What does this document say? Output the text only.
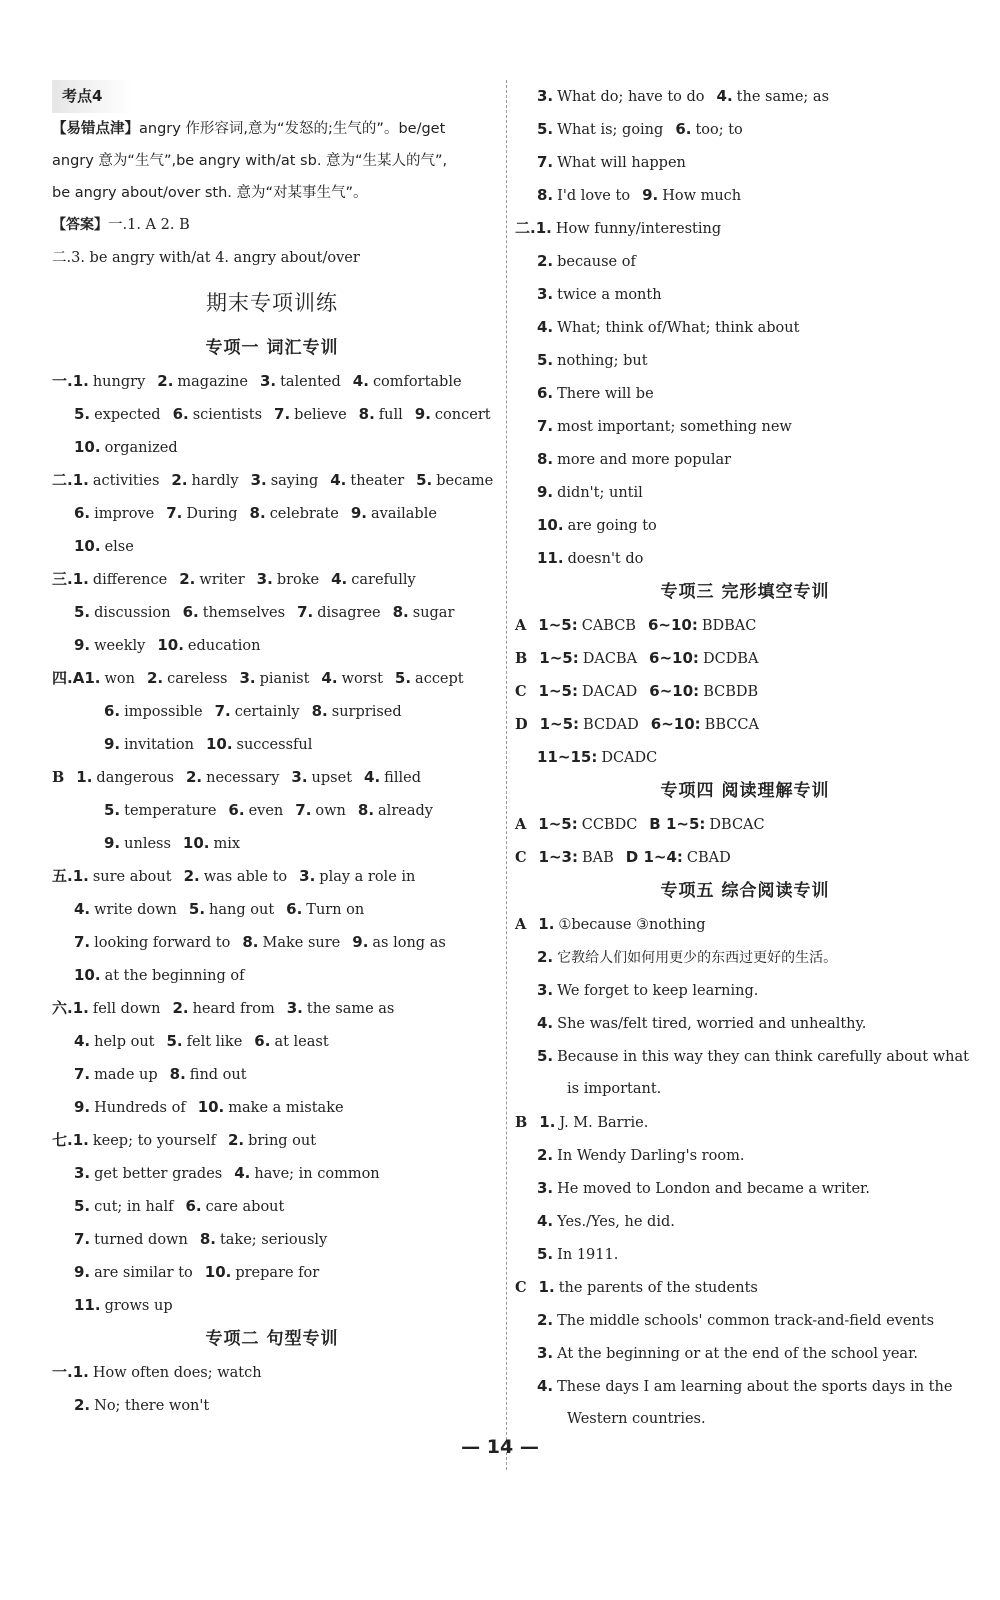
考点4
【易错点津】angry 作形容词,意为“发怒的;生气的”。be/get
angry 意为“生气”,be angry with/at sb. 意为“生某人的气”,
be angry about/over sth. 意为“对某事生气”。
【答案】一.1. A 2. B
二.3. be angry with/at 4. angry about/over
期末专项训练
专项一 词汇专训
一.1. hungry 2. magazine 3. talented 4. comfortable
5. expected 6. scientists 7. believe 8. full 9. concert
10. organized
二.1. activities 2. hardly 3. saying 4. theater 5. became
6. improve 7. During 8. celebrate 9. available
10. else
三.1. difference 2. writer 3. broke 4. carefully
5. discussion 6. themselves 7. disagree 8. sugar
9. weekly 10. education
四.A1. won 2. careless 3. pianist 4. worst 5. accept
6. impossible 7. certainly 8. surprised
9. invitation 10. successful
B 1. dangerous 2. necessary 3. upset 4. filled
5. temperature 6. even 7. own 8. already
9. unless 10. mix
五.1. sure about 2. was able to 3. play a role in
4. write down 5. hang out 6. Turn on
7. looking forward to 8. Make sure 9. as long as
10. at the beginning of
六.1. fell down 2. heard from 3. the same as
4. help out 5. felt like 6. at least
7. made up 8. find out
9. Hundreds of 10. make a mistake
七.1. keep; to yourself 2. bring out
3. get better grades 4. have; in common
5. cut; in half 6. care about
7. turned down 8. take; seriously
9. are similar to 10. prepare for
11. grows up
专项二 句型专训
一.1. How often does; watch
2. No; there won't
3. What do; have to do 4. the same; as
5. What is; going 6. too; to
7. What will happen
8. I'd love to 9. How much
二.1. How funny/interesting
2. because of
3. twice a month
4. What; think of/What; think about
5. nothing; but
6. There will be
7. most important; something new
8. more and more popular
9. didn't; until
10. are going to
11. doesn't do
专项三 完形填空专训
A 1~5: CABCB 6~10: BDBAC
B 1~5: DACBA 6~10: DCDBA
C 1~5: DACAD 6~10: BCBDB
D 1~5: BCDAD 6~10: BBCCA
11~15: DCADC
专项四 阅读理解专训
A 1~5: CCBDC B 1~5: DBCAC
C 1~3: BAB D 1~4: CBAD
专项五 综合阅读专训
A 1. ①because ③nothing
2. 它教给人们如何用更少的东西过更好的生活。
3. We forget to keep learning.
4. She was/felt tired, worried and unhealthy.
5. Because in this way they can think carefully about what
is important.
B 1. J. M. Barrie.
2. In Wendy Darling's room.
3. He moved to London and became a writer.
4. Yes./Yes, he did.
5. In 1911.
C 1. the parents of the students
2. The middle schools' common track-and-field events
3. At the beginning or at the end of the school year.
4. These days I am learning about the sports days in the
Western countries.
— 14 —
